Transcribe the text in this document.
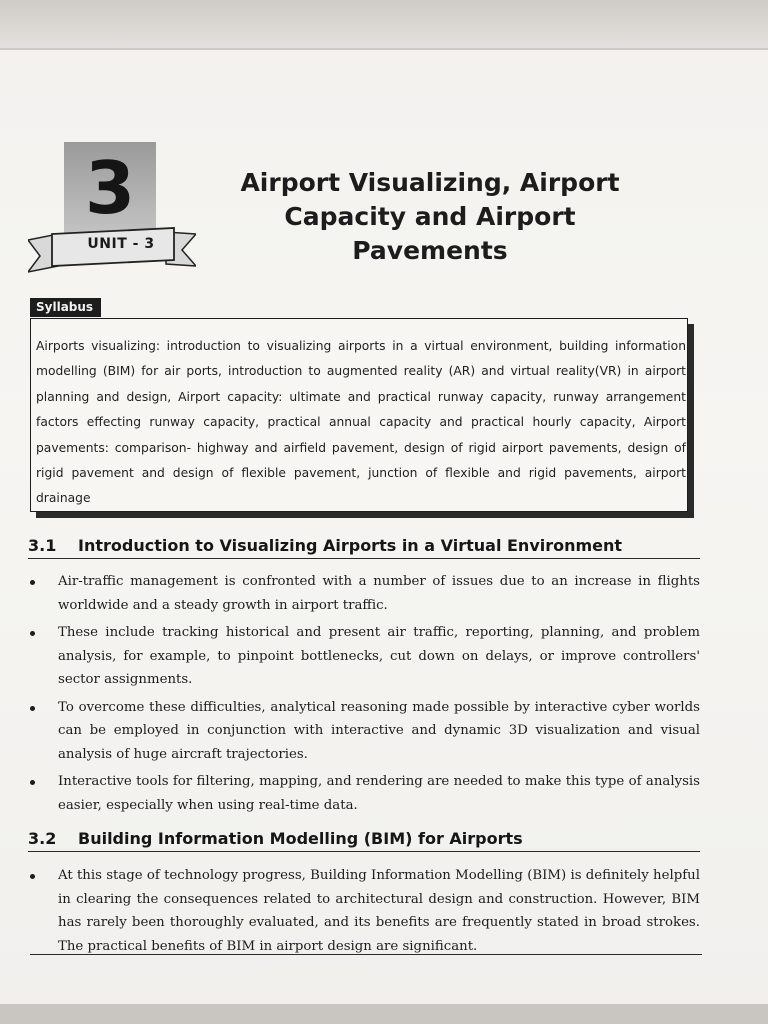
3
UNIT - 3
Airport Visualizing, Airport
Capacity and Airport
Pavements
Syllabus
Airports visualizing: introduction to visualizing airports in a virtual environment, building information modelling (BIM) for air ports, introduction to augmented reality (AR) and virtual reality(VR) in airport planning and design, Airport capacity: ultimate and practical runway capacity, runway arrangement factors effecting runway capacity, practical annual capacity and practical hourly capacity, Airport pavements: comparison- highway and airfield pavement, design of rigid airport pavements, design of rigid pavement and design of flexible pavement, junction of flexible and rigid pavements, airport drainage
3.1 Introduction to Visualizing Airports in a Virtual Environment
Air-traffic management is confronted with a number of issues due to an increase in flights worldwide and a steady growth in airport traffic.
These include tracking historical and present air traffic, reporting, planning, and problem analysis, for example, to pinpoint bottlenecks, cut down on delays, or improve controllers' sector assignments.
To overcome these difficulties, analytical reasoning made possible by interactive cyber worlds can be employed in conjunction with interactive and dynamic 3D visualization and visual analysis of huge aircraft trajectories.
Interactive tools for filtering, mapping, and rendering are needed to make this type of analysis easier, especially when using real-time data.
3.2 Building Information Modelling (BIM) for Airports
At this stage of technology progress, Building Information Modelling (BIM) is definitely helpful in clearing the consequences related to architectural design and construction. However, BIM has rarely been thoroughly evaluated, and its benefits are frequently stated in broad strokes. The practical benefits of BIM in airport design are significant.
